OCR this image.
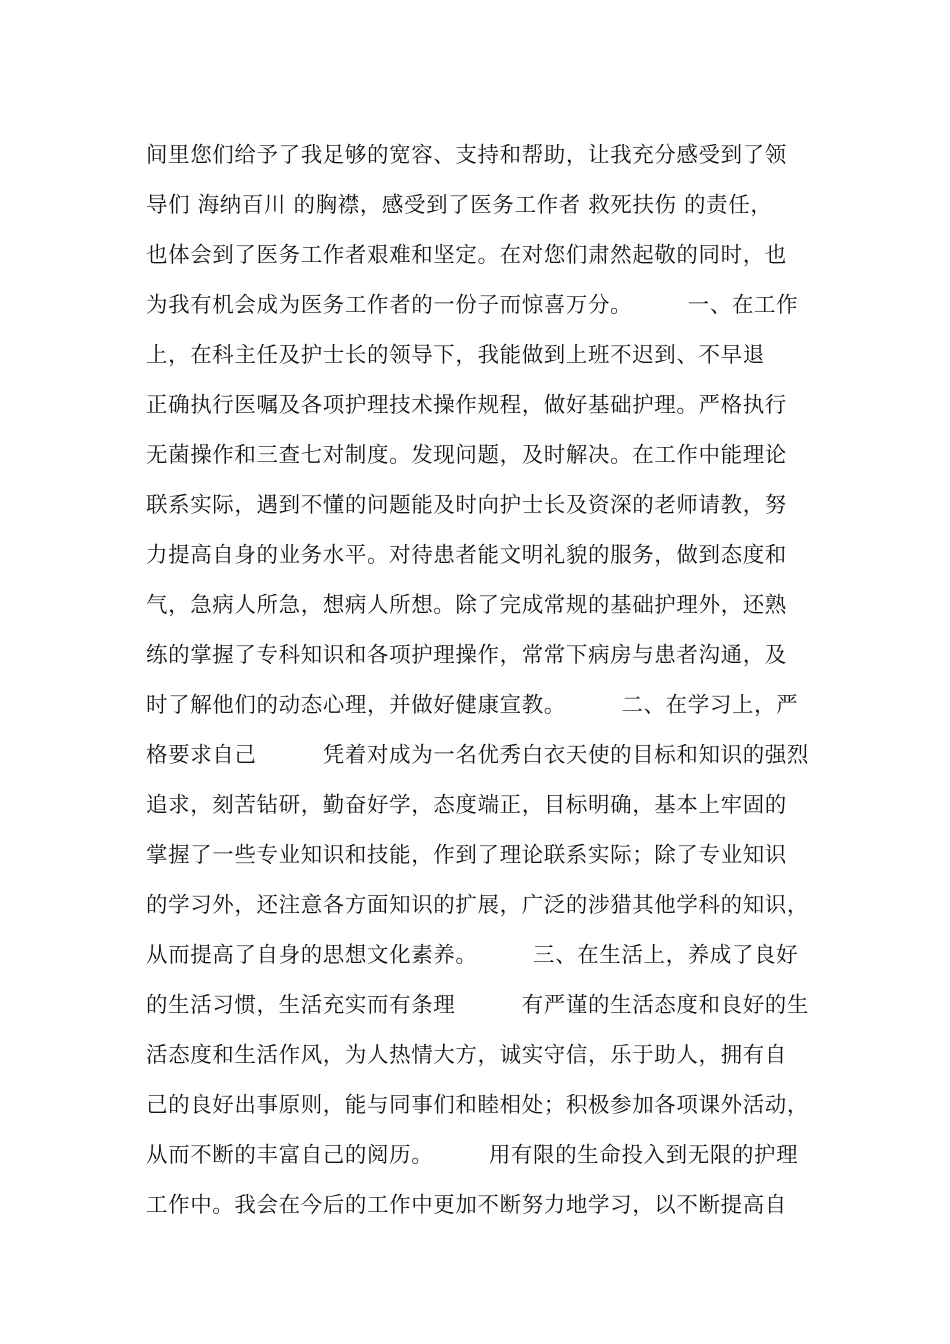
间里您们给予了我足够的宽容、支持和帮助，让我充分感受到了领
导们 海纳百川 的胸襟，感受到了医务工作者 救死扶伤 的责任，
也体会到了医务工作者艰难和坚定。在对您们肃然起敬的同时，也
为我有机会成为医务工作者的一份子而惊喜万分。　　　一、在工作
上，在科主任及护士长的领导下，我能做到上班不迟到、不早退
正确执行医嘱及各项护理技术操作规程，做好基础护理。严格执行
无菌操作和三查七对制度。发现问题，及时解决。在工作中能理论
联系实际，遇到不懂的问题能及时向护士长及资深的老师请教，努
力提高自身的业务水平。对待患者能文明礼貌的服务，做到态度和
气，急病人所急，想病人所想。除了完成常规的基础护理外，还熟
练的掌握了专科知识和各项护理操作，常常下病房与患者沟通，及
时了解他们的动态心理，并做好健康宣教。　　　二、在学习上，严
格要求自己　　　凭着对成为一名优秀白衣天使的目标和知识的强烈
追求，刻苦钻研，勤奋好学，态度端正，目标明确，基本上牢固的
掌握了一些专业知识和技能，作到了理论联系实际；除了专业知识
的学习外，还注意各方面知识的扩展，广泛的涉猎其他学科的知识，
从而提高了自身的思想文化素养。　　　三、在生活上，养成了良好
的生活习惯，生活充实而有条理　　　有严谨的生活态度和良好的生
活态度和生活作风，为人热情大方，诚实守信，乐于助人，拥有自
己的良好出事原则，能与同事们和睦相处；积极参加各项课外活动，
从而不断的丰富自己的阅历。　　　用有限的生命投入到无限的护理
工作中。我会在今后的工作中更加不断努力地学习，以不断提高自
